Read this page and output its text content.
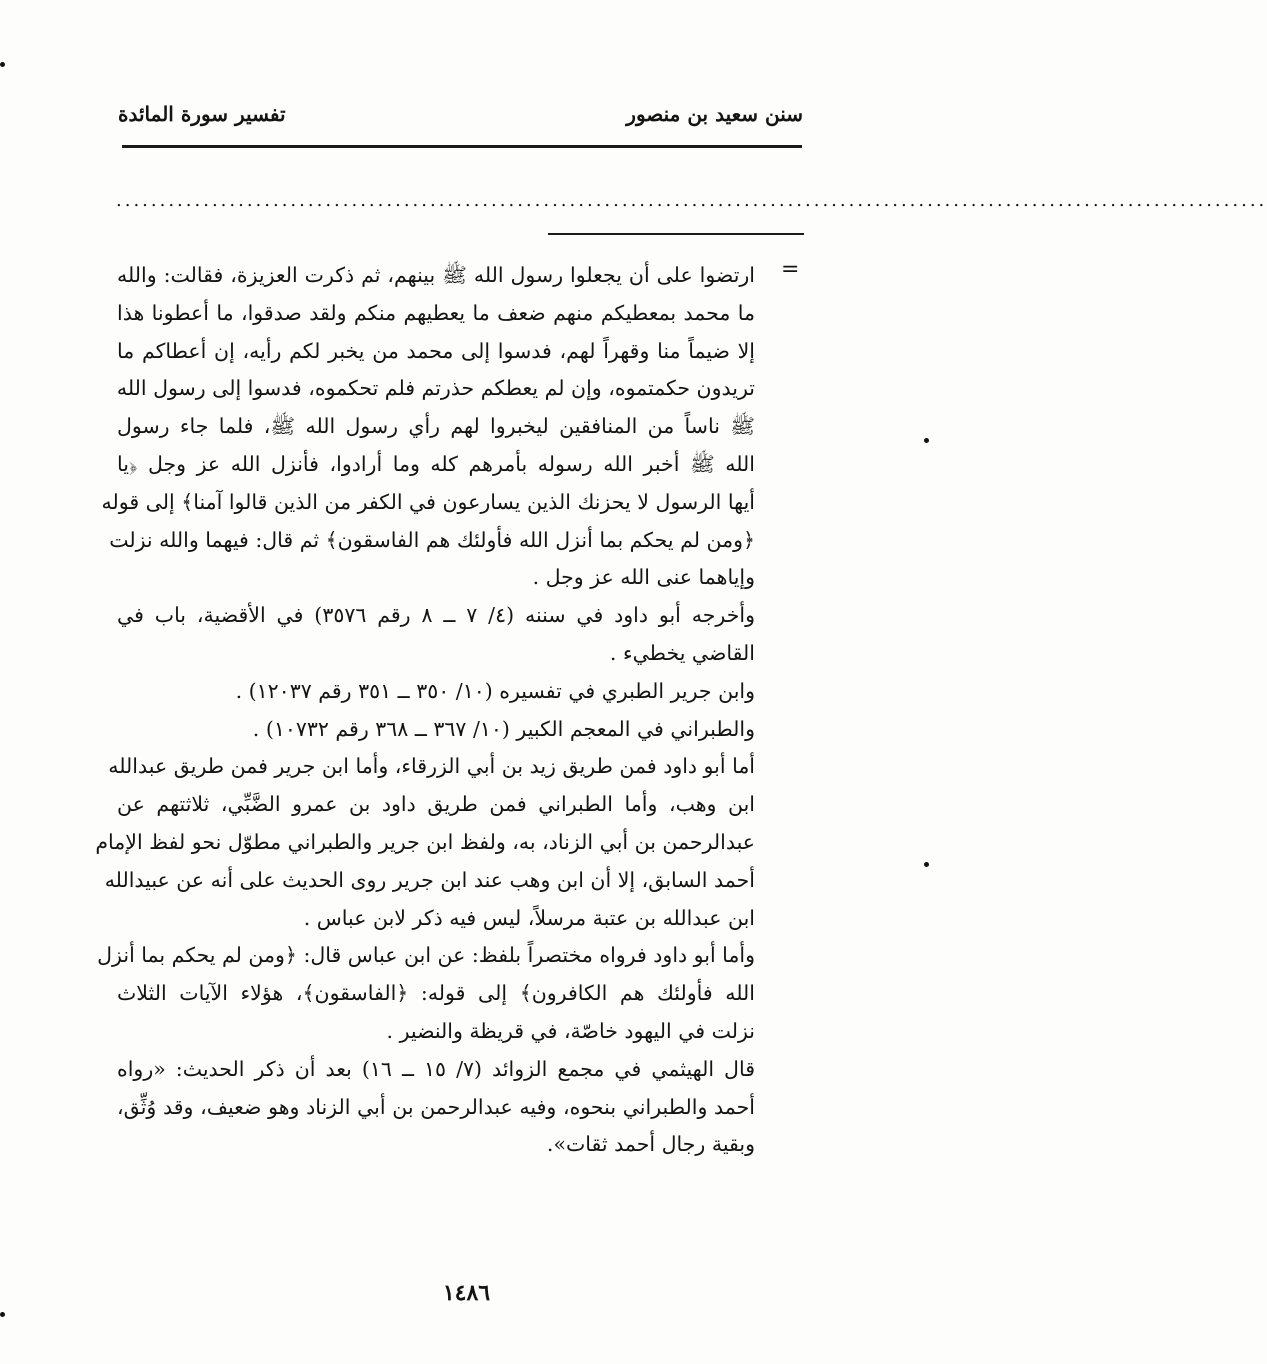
سنن سعيد بن منصور
تفسير سورة المائدة
....................................................................................................................................
=
ارتضوا على أن يجعلوا رسول الله ﷺ بينهم، ثم ذكرت العزيزة، فقالت: والله
ما محمد بمعطيكم منهم ضعف ما يعطيهم منكم ولقد صدقوا، ما أعطونا هذا
إلا ضيماً منا وقهراً لهم، فدسوا إلى محمد من يخبر لكم رأيه، إن أعطاكم ما
تريدون حكمتموه، وإن لم يعطكم حذرتم فلم تحكموه، فدسوا إلى رسول الله
ﷺ ناساً من المنافقين ليخبروا لهم رأي رسول الله ﷺ، فلما جاء رسول
الله ﷺ أخبر الله رسوله بأمرهم كله وما أرادوا، فأنزل الله عز وجل ﴿يا
أيها الرسول لا يحزنك الذين يسارعون في الكفر من الذين قالوا آمنا﴾ إلى قوله
﴿ومن لم يحكم بما أنزل الله فأولئك هم الفاسقون﴾ ثم قال: فيهما والله نزلت
وإياهما عنى الله عز وجل .
وأخرجه أبو داود في سننه (٤/ ٧ ــ ٨ رقم ٣٥٧٦) في الأقضية، باب في
القاضي يخطيء .
وابن جرير الطبري في تفسيره (١٠/ ٣٥٠ ــ ٣٥١ رقم ١٢٠٣٧) .
والطبراني في المعجم الكبير (١٠/ ٣٦٧ ــ ٣٦٨ رقم ١٠٧٣٢) .
أما أبو داود فمن طريق زيد بن أبي الزرقاء، وأما ابن جرير فمن طريق عبدالله
ابن وهب، وأما الطبراني فمن طريق داود بن عمرو الضَّبِّي، ثلاثتهم عن
عبدالرحمن بن أبي الزناد، به، ولفظ ابن جرير والطبراني مطوّل نحو لفظ الإمام
أحمد السابق، إلا أن ابن وهب عند ابن جرير روى الحديث على أنه عن عبيدالله
ابن عبدالله بن عتبة مرسلاً، ليس فيه ذكر لابن عباس .
وأما أبو داود فرواه مختصراً بلفظ: عن ابن عباس قال: ﴿ومن لم يحكم بما أنزل
الله فأولئك هم الكافرون﴾ إلى قوله: ﴿الفاسقون﴾، هؤلاء الآيات الثلاث
نزلت في اليهود خاصّة، في قريظة والنضير .
قال الهيثمي في مجمع الزوائد (٧/ ١٥ ــ ١٦) بعد أن ذكر الحديث: «رواه
أحمد والطبراني بنحوه، وفيه عبدالرحمن بن أبي الزناد وهو ضعيف، وقد وُثِّق،
وبقية رجال أحمد ثقات».
١٤٨٦
